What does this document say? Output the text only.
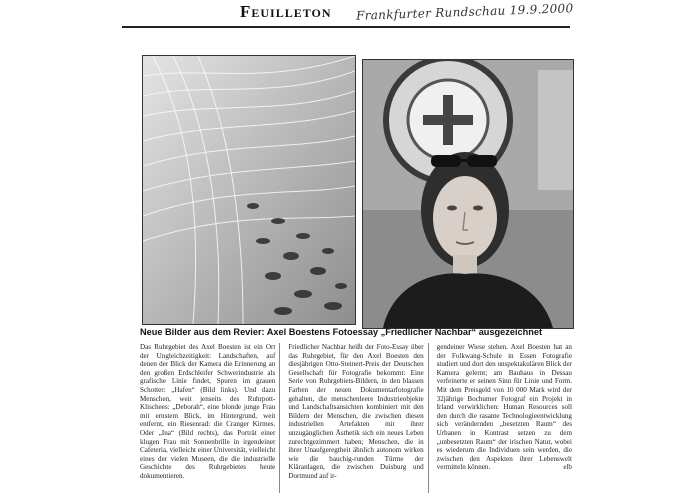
Feuilleton Frankfurter Rundschau 19.9.2000
Neue Bilder aus dem Revier: Axel Boestens Fotoessay „Friedlicher Nachbar“ ausgezeichnet
Das Ruhrgebiet des Axel Boesten ist ein Ort der Ungleichzeitigkeit: Landschaften, auf denen der Blick der Kamera die Erinnerung an den großen Erdschleifer Schwerindustrie als grafische Linie findet, Spuren im grauen Schotter: „Hafen“ (Bild links). Und dazu Menschen, weit jenseits des Ruhrpott-Klischees: „Deborah“, eine blonde junge Frau mit ernstem Blick, im Hintergrund, weit entfernt, ein Riesenrad: die Cranger Kirmes. Oder „Ina“ (Bild rechts), das Porträt einer klugen Frau mit Sonnenbrille in irgendeiner Cafeteria, vielleicht einer Universität, vielleicht eines der vielen Museen, die die industrielle Geschichte des Ruhrgebietes heute dokumentieren.
Friedlicher Nachbar heißt der Foto-Essay über das Ruhrgebiet, für den Axel Boesten den diesjährigen Otto-Steinert-Preis der Deutschen Gesellschaft für Fotografie bekommt: Eine Serie von Ruhrgebiets-Bildern, in den blassen Farben der neuen Dokumentarfotografie gehalten, die menschenleere Industrieobjekte und Landschaftsansichten kombiniert mit den Bildern der Menschen, die zwischen diesen industriellen Artefakten mit ihrer unzugänglichen Ästhetik sich ein neues Leben zurechtgezimmert haben; Menschen, die in ihrer Unaufgeregtheit ähnlich autonom wirken wie die bauchig-runden Türme der Kläranlagen, die zwischen Duisburg und Dortmund auf ir-
gendeiner Wiese stehen. Axel Boesten hat an der Folkwang-Schule in Essen Fotografie studiert und dort den unspektakulären Blick der Kamera gelernt; am Bauhaus in Dessau verfeinerte er seinen Sinn für Linie und Form. Mit dem Preisgeld von 10 000 Mark wird der 32jährige Bochumer Fotograf ein Projekt in Irland verwirklichen: Human Resources soll den durch die rasante Technologieentwicklung sich verändernden „besetzten Raum“ des Urbanen in Kontrast setzen zu dem „unbesetzten Raum“ der irischen Natur, wobei es wiederum die Individuen sein werden, die zwischen den Aspekten ihrer Lebenswelt vermitteln können.	elb
